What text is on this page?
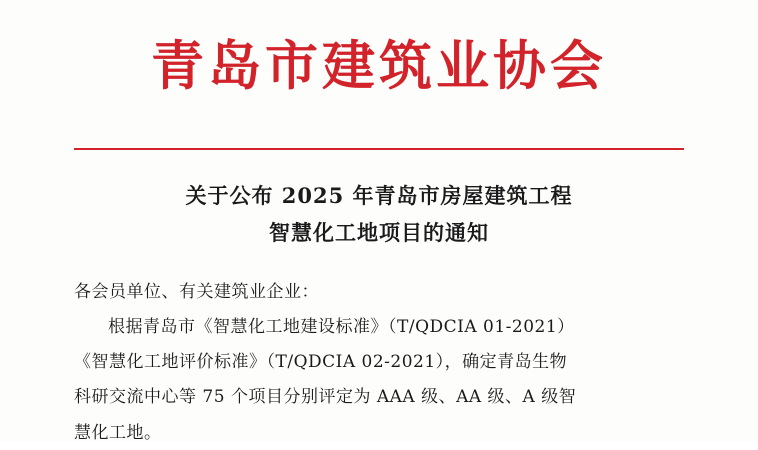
青岛市建筑业协会
关于公布 2025 年青岛市房屋建筑工程
智慧化工地项目的通知

各会员单位、有关建筑业企业：

根据青岛市《智慧化工地建设标准》（T/QDCIA 01-2021）

《智慧化工地评价标准》（T/QDCIA 02-2021），确定青岛生物

科研交流中心等 75 个项目分别评定为 AAA 级、AA 级、A 级智

慧化工地。
